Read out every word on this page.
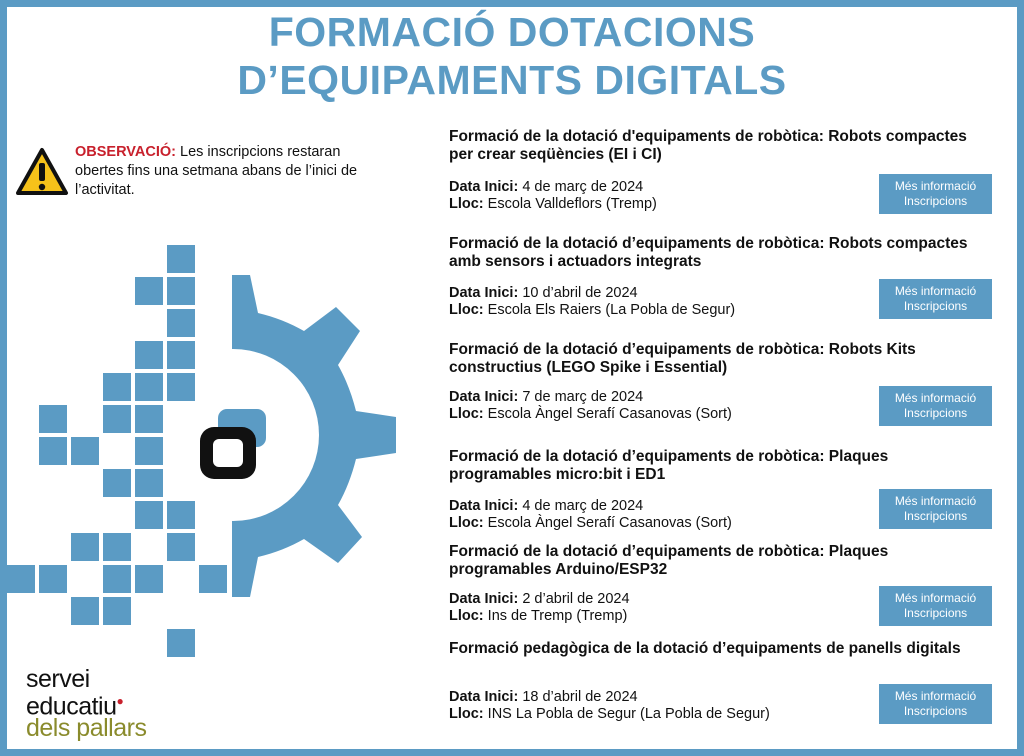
FORMACIÓ DOTACIONS
D’EQUIPAMENTS DIGITALS
OBSERVACIÓ: Les inscripcions restaran obertes fins una setmana abans de l’inici de l’activitat.
servei
educatiu●
dels pallars
Formació de la dotació d'equipaments de robòtica: Robots compactes per crear seqüències (EI i CI)
Data Inici: 4 de març de 2024
Lloc: Escola Valldeflors (Tremp)
Més informació
Inscripcions
Formació de la dotació d’equipaments de robòtica: Robots compactes amb sensors i actuadors integrats
Data Inici: 10 d’abril de 2024
Lloc: Escola Els Raiers (La Pobla de Segur)
Més informació
Inscripcions
Formació de la dotació d’equipaments de robòtica: Robots Kits constructius (LEGO Spike i Essential)
Data Inici: 7 de març de 2024
Lloc: Escola Àngel Serafí Casanovas (Sort)
Més informació
Inscripcions
Formació de la dotació d’equipaments de robòtica: Plaques programables micro:bit i ED1
Data Inici: 4 de març de 2024
Lloc: Escola Àngel Serafí Casanovas (Sort)
Més informació
Inscripcions
Formació de la dotació d’equipaments de robòtica: Plaques programables Arduino/ESP32
Data Inici: 2 d’abril de 2024
Lloc: Ins de Tremp (Tremp)
Més informació
Inscripcions
Formació pedagògica de la dotació d’equipaments de panells digitals
Data Inici: 18 d’abril de 2024
Lloc: INS La Pobla de Segur (La Pobla de Segur)
Més informació
Inscripcions
